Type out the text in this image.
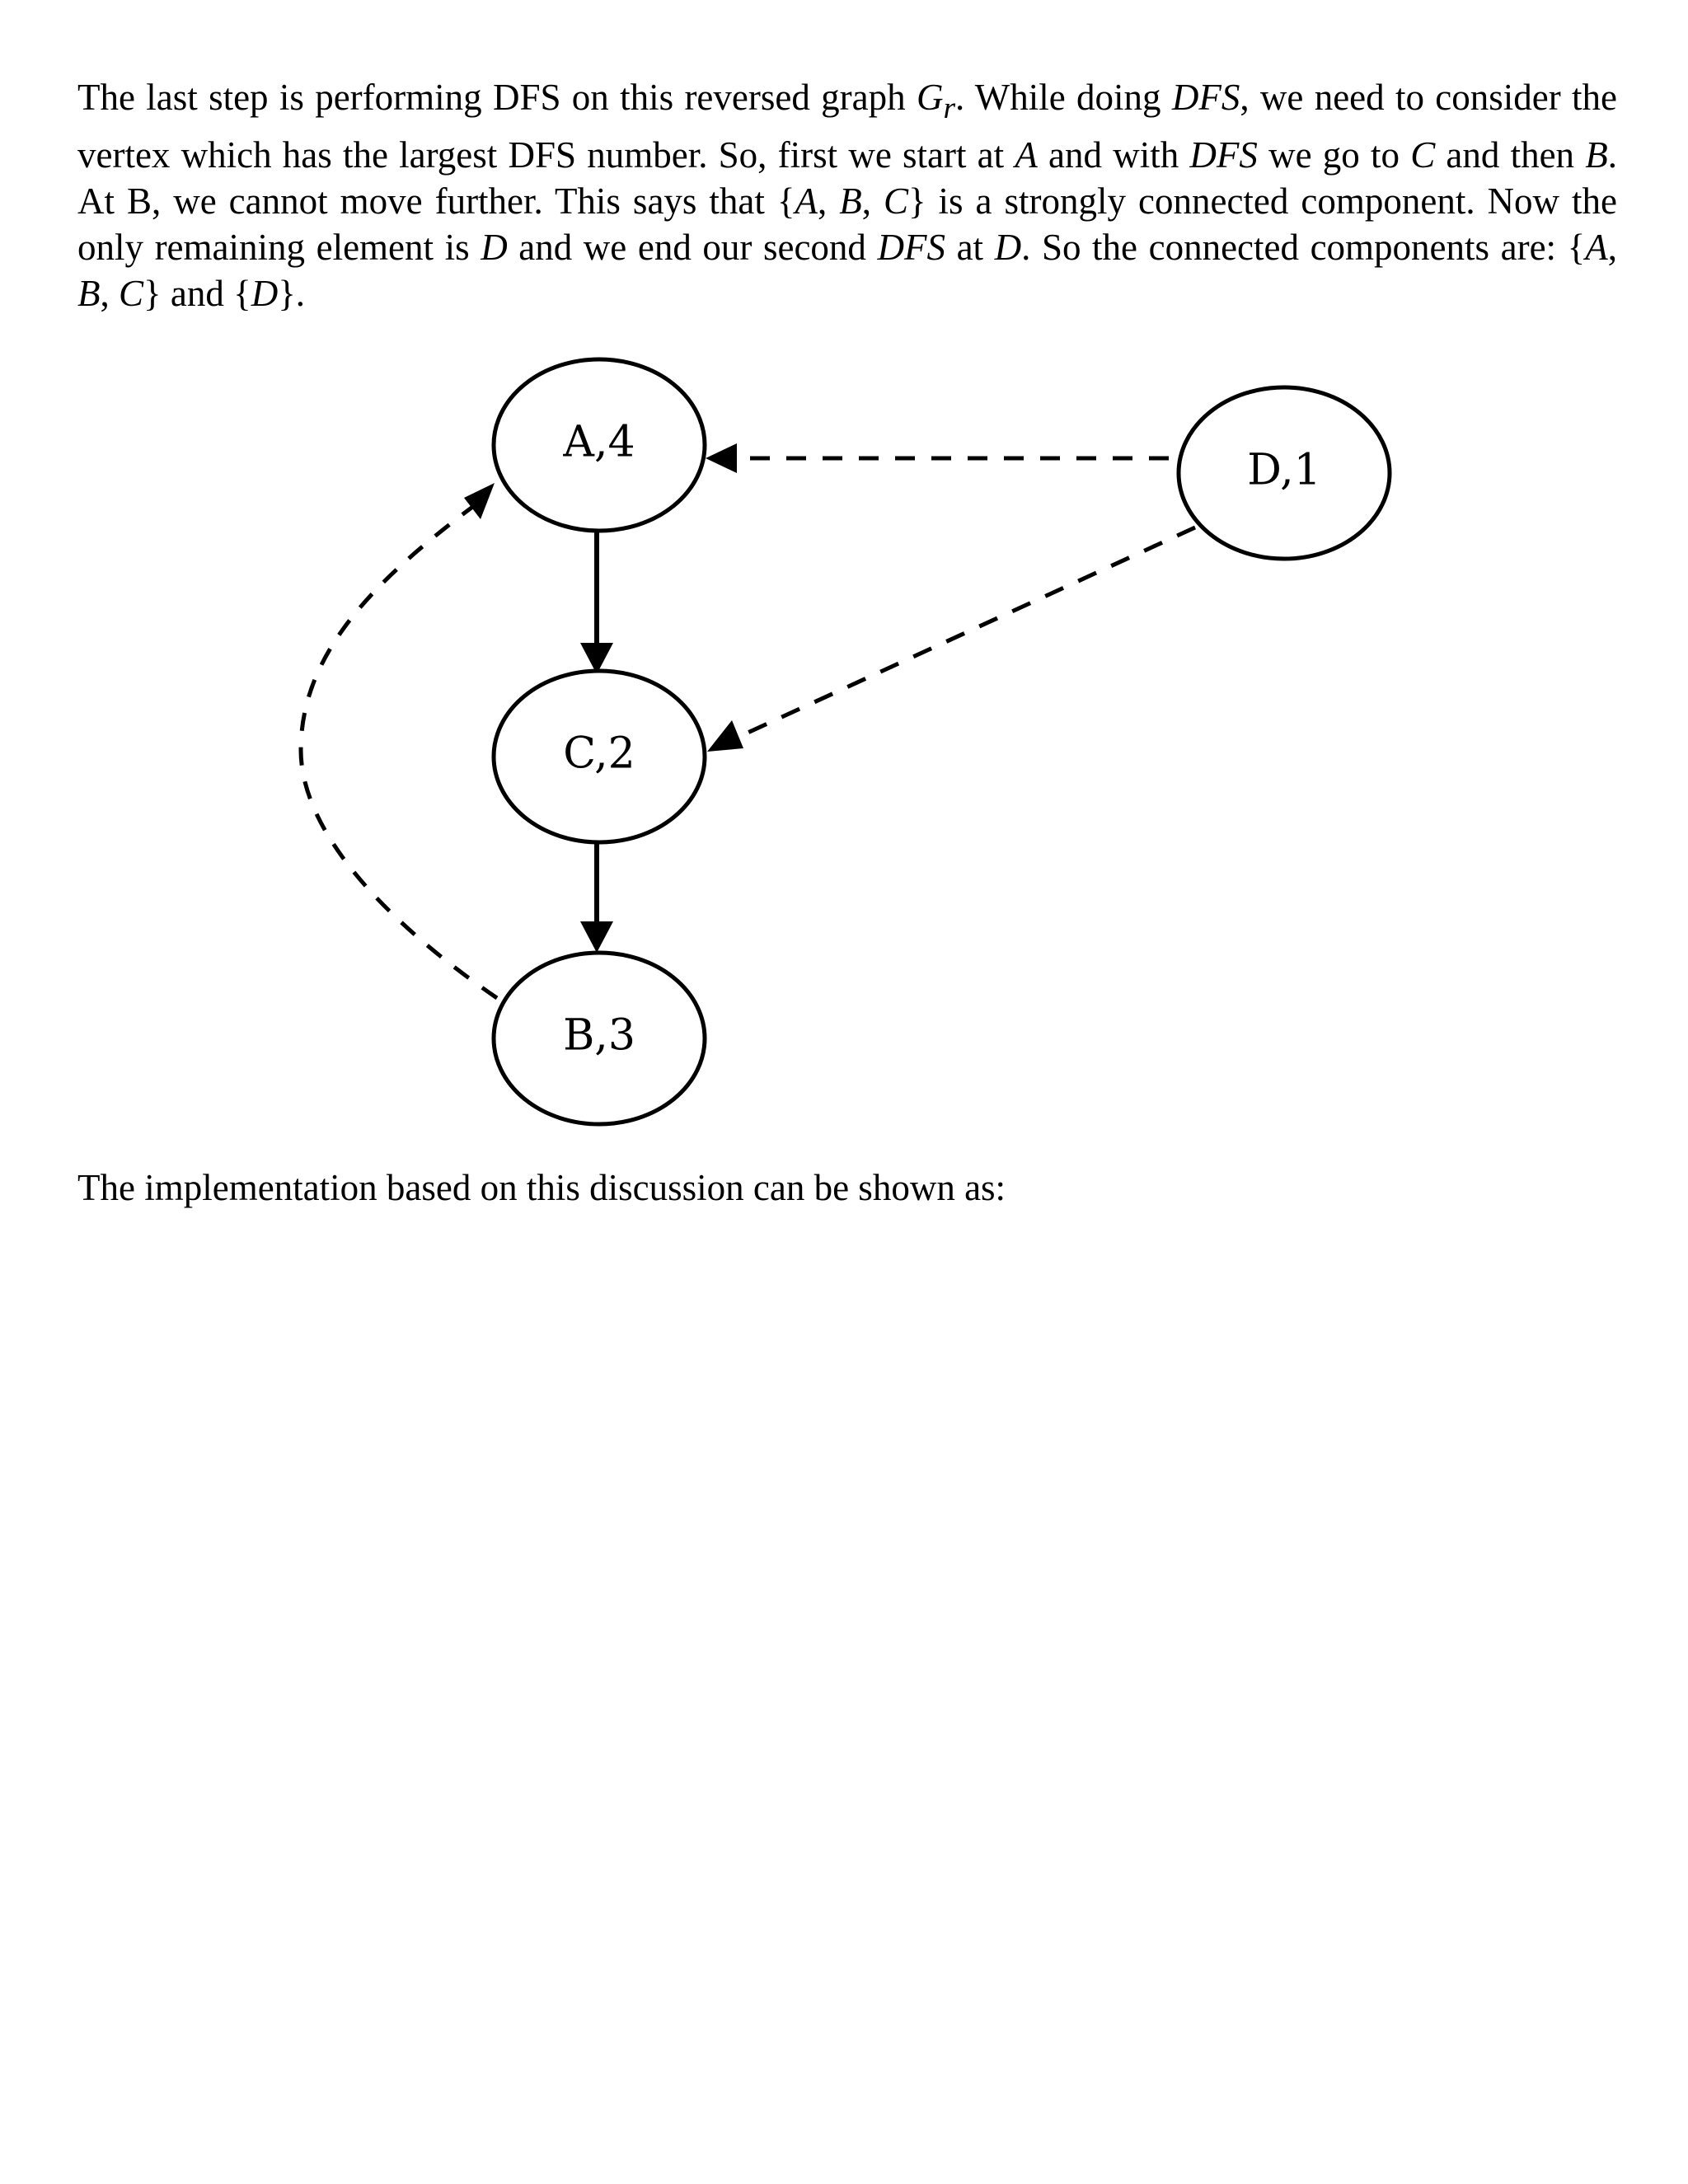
The last step is performing DFS on this reversed graph $G_r$. While doing DFS, we need to consider the vertex which has the largest DFS number. So, first we start at A and with DFS we go to C and then B. At B, we cannot move further. This says that {A, B, C} is a strongly connected component. Now the only remaining element is D and we end our second DFS at D. So the connected components are: {A, B, C} and {D}.

A,4
C,2
B,3
D,1

The implementation based on this discussion can be shown as:
